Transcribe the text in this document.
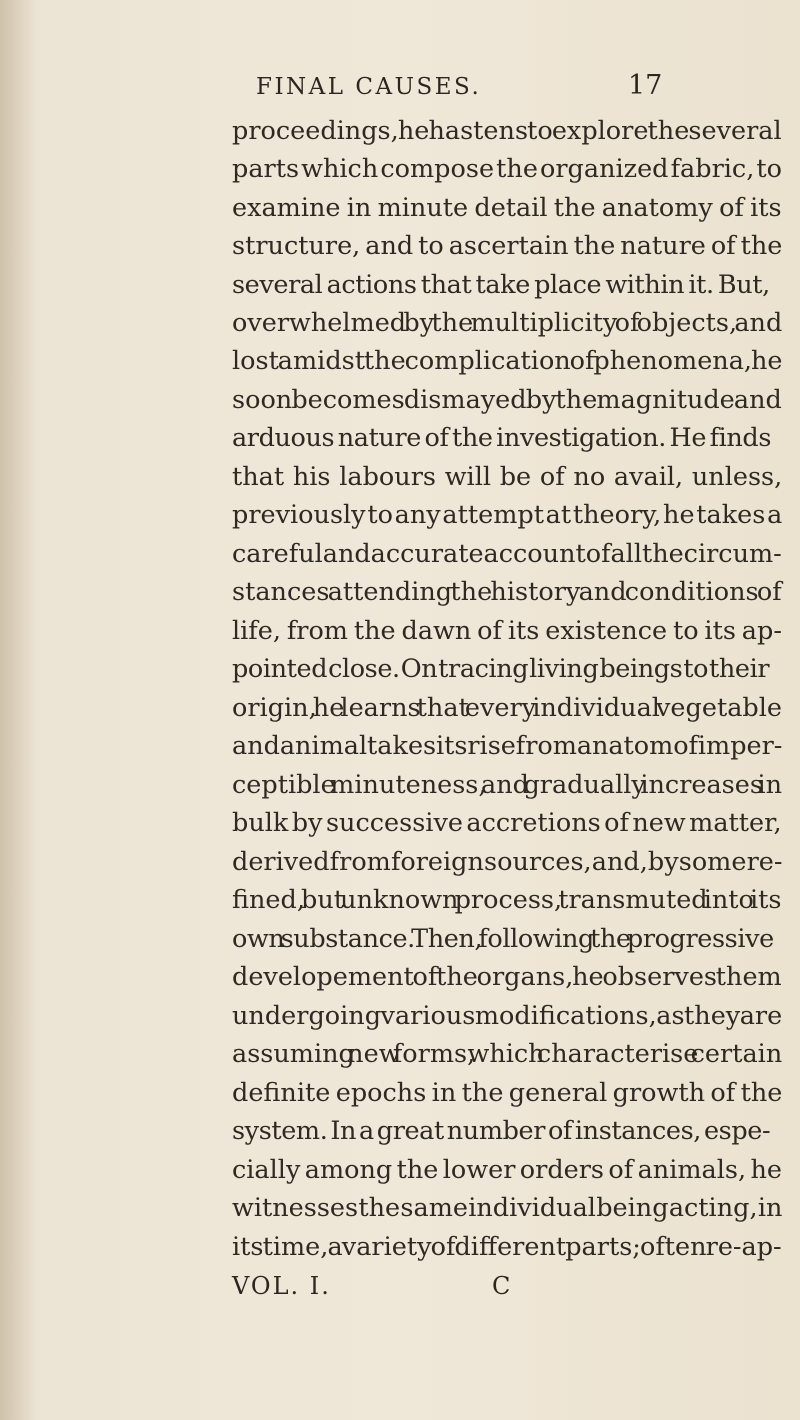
FINAL CAUSES.	17
proceedings, he hastens to explore the several
parts which compose the organized fabric, to
examine in minute detail the anatomy of its
structure, and to ascertain the nature of the
several actions that take place within it. But,
overwhelmed by the multiplicity of objects, and
lost amidst the complication of phenomena, he
soon becomes dismayed by the magnitude and
arduous nature of the investigation. He finds
that his labours will be of no avail, unless,
previously to any attempt at theory, he takes a
careful and accurate account of all the circum-
stances attending the history and conditions of
life, from the dawn of its existence to its ap-
pointed close. On tracing living beings to their
origin, he learns that every individual vegetable
and animal takes its rise from an atom of imper-
ceptible minuteness, and gradually increases in
bulk by successive accretions of new matter,
derived from foreign sources, and, by some re-
fined, but unknown process, transmuted into its
own substance. Then, following the progressive
developement of the organs, he observes them
undergoing various modifications, as they are
assuming new forms, which characterise certain
definite epochs in the general growth of the
system. In a great number of instances, espe-
cially among the lower orders of animals, he
witnesses the same individual being acting, in
its time, a variety of different parts; often re-ap-
VOL. I.	C
